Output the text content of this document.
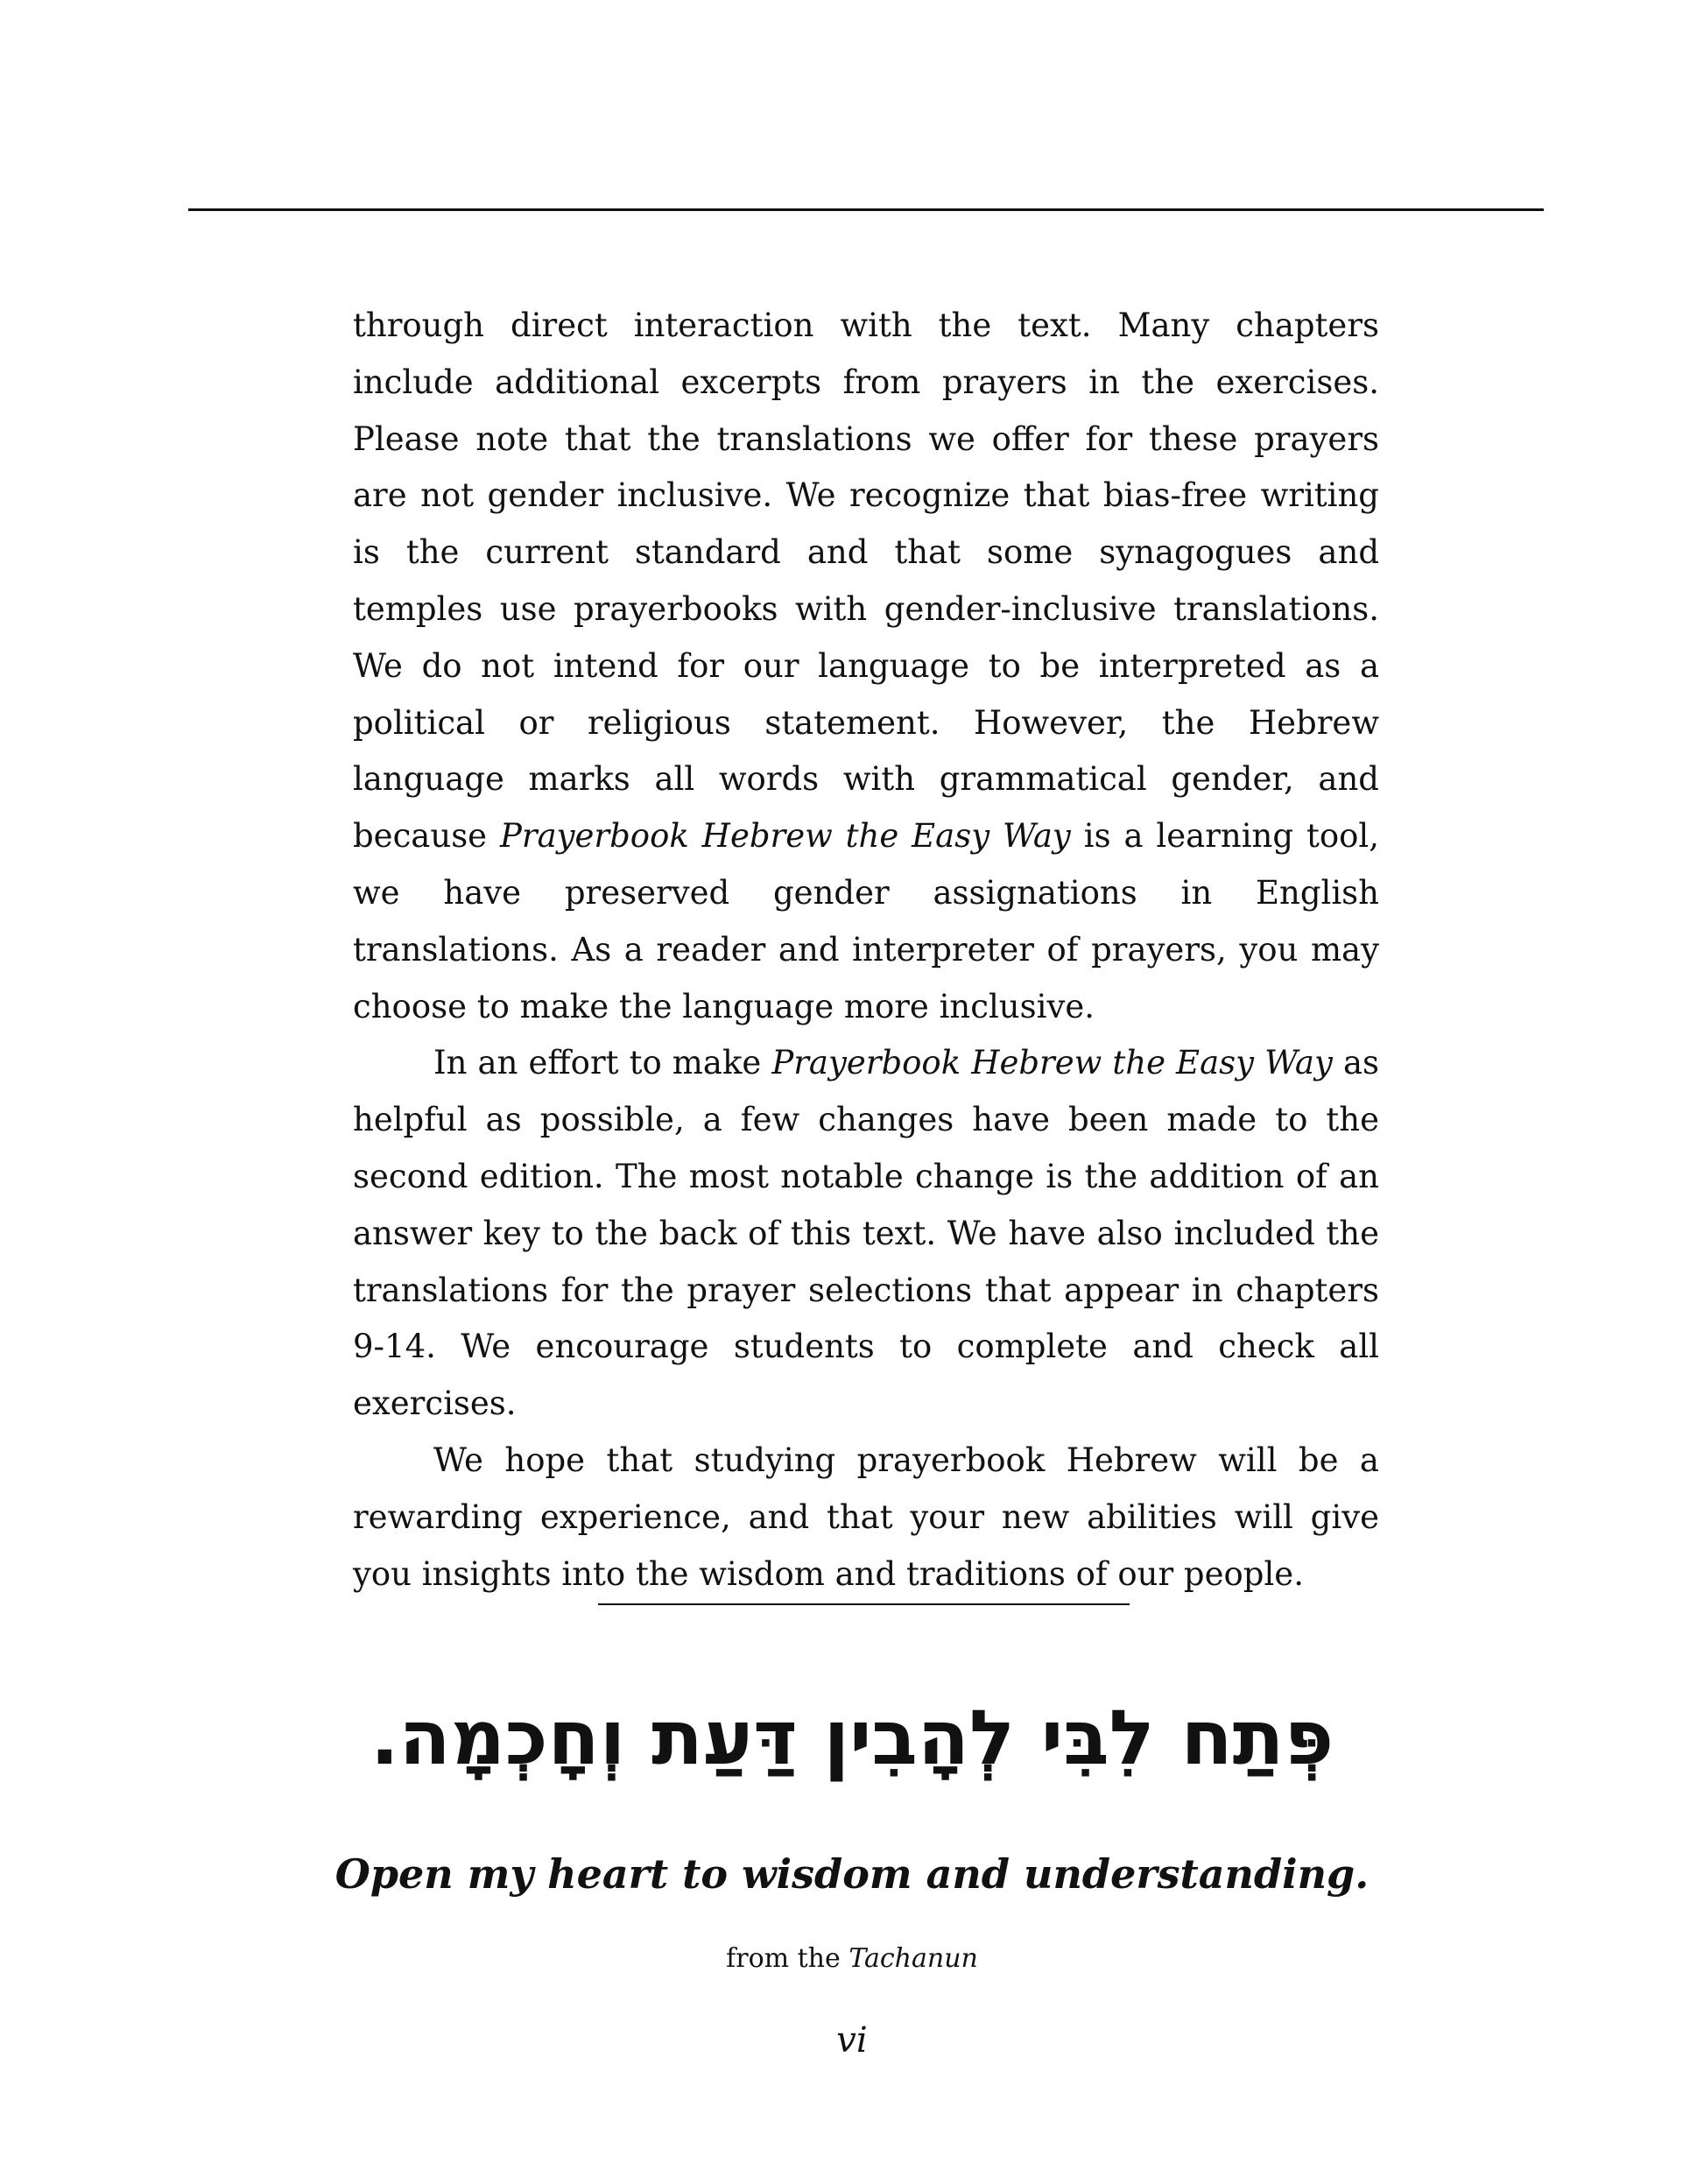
through direct interaction with the text. Many chapters include additional excerpts from prayers in the exercises. Please note that the translations we offer for these prayers are not gender inclusive. We recognize that bias-free writing is the current standard and that some synagogues and temples use prayerbooks with gender-inclusive translations. We do not intend for our language to be interpreted as a political or religious statement. However, the Hebrew language marks all words with grammatical gender, and because Prayerbook Hebrew the Easy Way is a learning tool, we have preserved gender assignations in English translations. As a reader and interpreter of prayers, you may choose to make the language more inclusive.

In an effort to make Prayerbook Hebrew the Easy Way as helpful as possible, a few changes have been made to the second edition. The most notable change is the addition of an answer key to the back of this text. We have also included the translations for the prayer selections that appear in chapters 9-14. We encourage students to complete and check all exercises.

We hope that studying prayerbook Hebrew will be a rewarding experience, and that your new abilities will give you insights into the wisdom and traditions of our people.

פְּתַח לִבִּי לְהָבִין דַּעַת וְחָכְמָה.
Open my heart to wisdom and understanding.
from the Tachanun
vi
